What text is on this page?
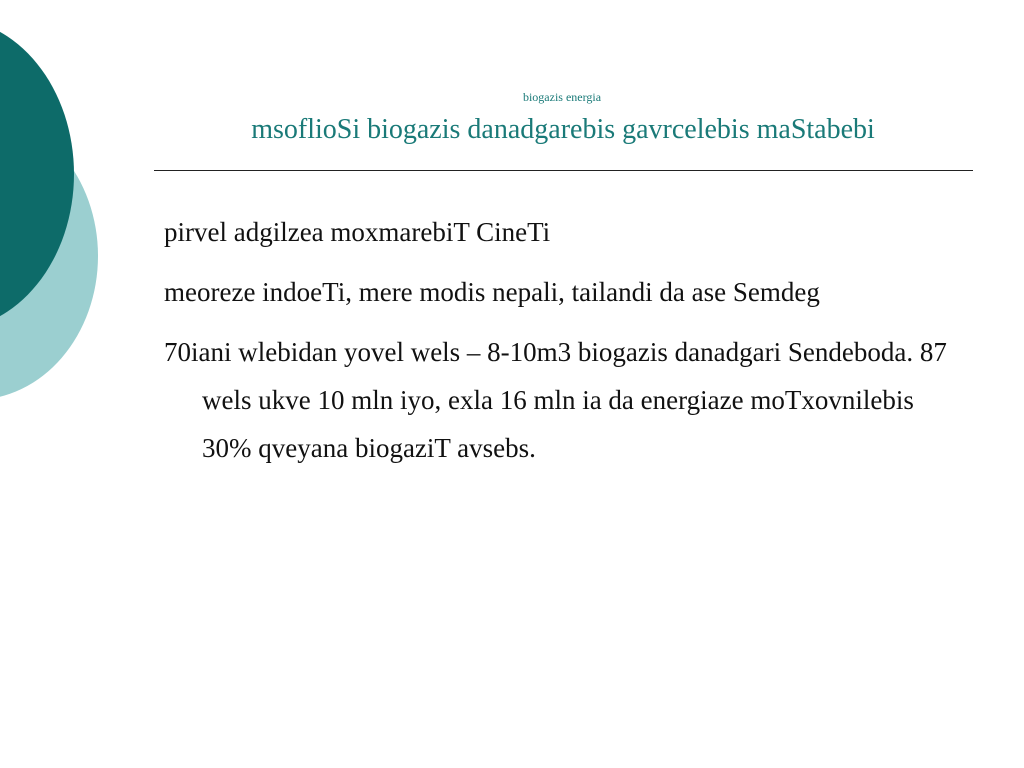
biogazis energia
msoflioSi biogazis danadgarebis gavrcelebis maStabebi

pirvel adgilzea moxmarebiT CineTi

meoreze indoeTi, mere modis nepali, tailandi da ase Semdeg

70iani wlebidan yovel wels – 8-10m3 biogazis danadgari Sendeboda. 87 wels ukve 10 mln iyo, exla 16 mln ia da energiaze moTxovnilebis 30% qveyana biogaziT avsebs.
